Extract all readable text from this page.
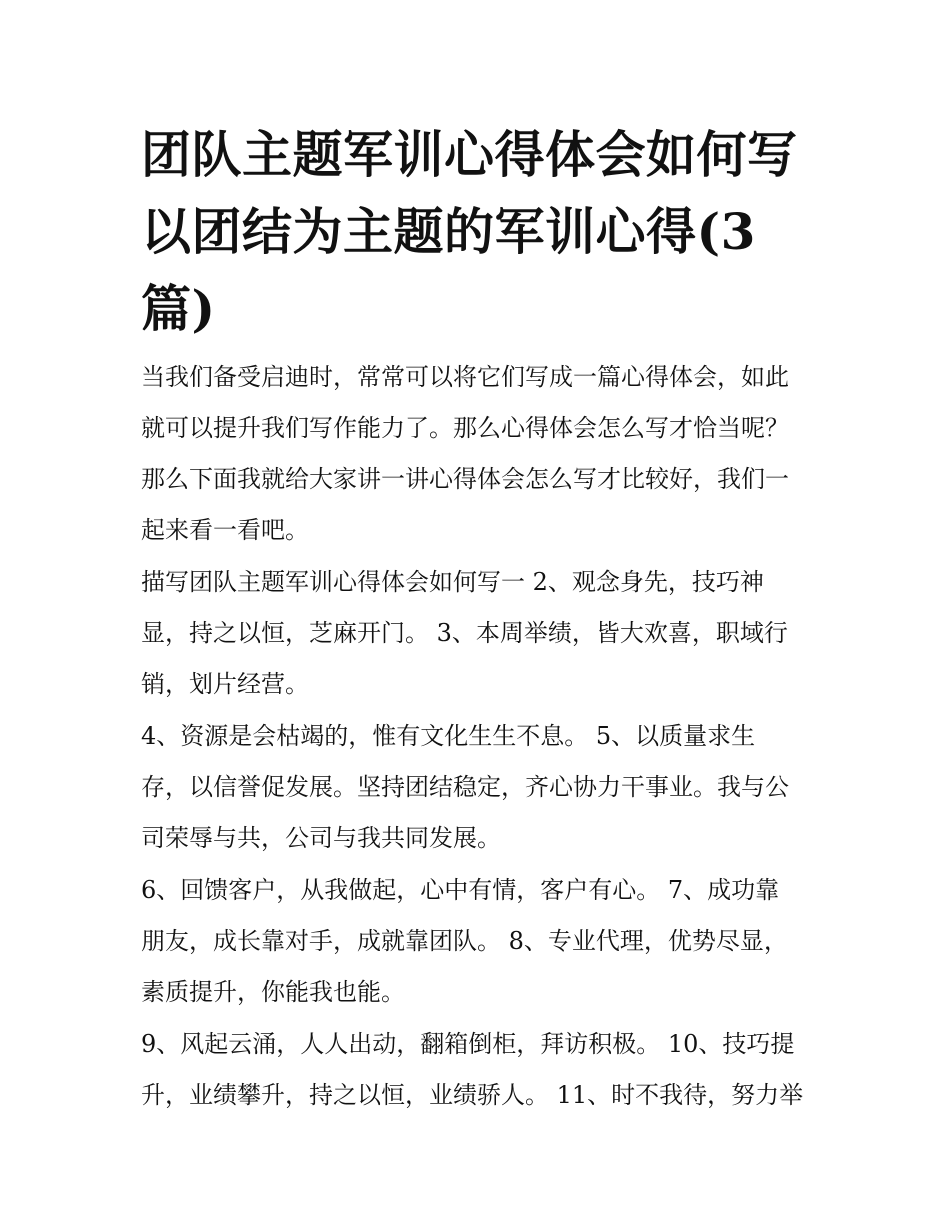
团队主题军训心得体会如何写
以团结为主题的军训心得(3
篇)

当我们备受启迪时，常常可以将它们写成一篇心得体会，如此
就可以提升我们写作能力了。那么心得体会怎么写才恰当呢？
那么下面我就给大家讲一讲心得体会怎么写才比较好，我们一
起来看一看吧。

描写团队主题军训心得体会如何写一 2、观念身先，技巧神
显，持之以恒，芝麻开门。 3、本周举绩，皆大欢喜，职域行
销，划片经营。

4、资源是会枯竭的，惟有文化生生不息。 5、以质量求生
存，以信誉促发展。坚持团结稳定，齐心协力干事业。我与公
司荣辱与共，公司与我共同发展。

6、回馈客户，从我做起，心中有情，客户有心。 7、成功靠
朋友，成长靠对手，成就靠团队。 8、专业代理，优势尽显，
素质提升，你能我也能。

9、风起云涌，人人出动，翻箱倒柜，拜访积极。 10、技巧提
升，业绩攀升，持之以恒，业绩骄人。 11、时不我待，努力举
